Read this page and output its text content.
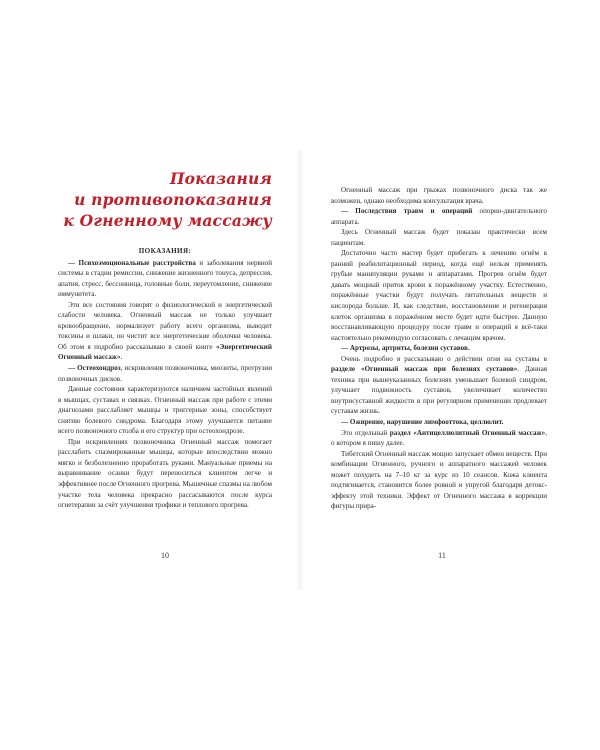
Показания
и противопоказания
к Огненному массажу

ПОКАЗАНИЯ:

— Психоэмоциональные расстройства и заболевания нервной системы в стадии ремиссии, снижение жизненного тонуса, депрессия, апатия, стресс, бессонница, головные боли, переутомление, снижение иммунитета.

Эти все состояния говорят о физиологической и энергетической слабости человека. Огненный массаж не только улучшает кровообращение, нормализует работу всего организма, выводит токсины и шлаки, он чистит все энергетические оболочки человека. Об этом я подробно рассказываю в своей книге «Энергетический Огненный массаж».

— Остеохондроз, искривления позвоночника, миозиты, протрузии позвоночных дисков.

Данные состояния характеризуются наличием застойных явлений в мышцах, суставах и связках. Огненный массаж при работе с этими диагнозами расслабляет мышцы и триггерные зоны, способствует снятию болевого синдрома. Благодаря этому улучшается питание всего позвоночного столба и его структур при остеохондрозе.

При искривлениях позвоночника Огненный массаж помогает расслабить спазмированные мышцы, которые впоследствии можно мягко и безболезненно проработать руками. Мануальные приемы на выравнивание осанки будут переноситься клиентом легче и эффективнее после Огненного прогрева. Мышечные спазмы на любом участке тела человека прекрасно рассасываются после курса огнетерапии за счёт улучшения трофики и теплового прогрева.

10

Огненный массаж при грыжах позвоночного диска так же возможен, однако необходима консультация врача.

— Последствия травм и операций опорно-двигательного аппарата.

Здесь Огненный массаж будет показан практически всем пациентам.

Достаточно часто мастер будет прибегать к лечению огнём в ранний реабилитационный период, когда ещё нельзя применять грубые манипуляции руками и аппаратами. Прогрев огнём будет давать мощный приток крови к поражённому участку. Естественно, поражённые участки будут получать питательных веществ и кислорода больше. И, как следствие, восстановление и регенерация клеток организма в поражённом месте будет идти быстрее. Данную восстанавливающую процедуру после травм и операций я всё-таки настоятельно рекомендую согласовать с лечащим врачом.

— Артрозы, артриты, болезни суставов.

Очень подробно я рассказываю о действии огня на суставы в разделе «Огненный массаж при болезнях суставов». Данная техника при вышеуказанных болезнях уменьшает болевой синдром, улучшает подвижность суставов, увеличивает количество внутрисуставной жидкости и при регулярном применении продлевает суставам жизнь.

— Ожирение, нарушение лимфооттока, целлюлит.

Это отдельный раздел «Антицеллюлитный Огненный массаж», о котором я пишу далее.

Тибетский Огненный массаж мощно запускает обмен веществ. При комбинации Огненного, ручного и аппаратного массажей человек может похудеть на 7–10 кг за курс из 10 сеансов. Кожа клиента подтягивается, становится более ровной и упругой благодаря детокс-эффекту этой техники. Эффект от Огненного массажа в коррекции фигуры прира-

11
